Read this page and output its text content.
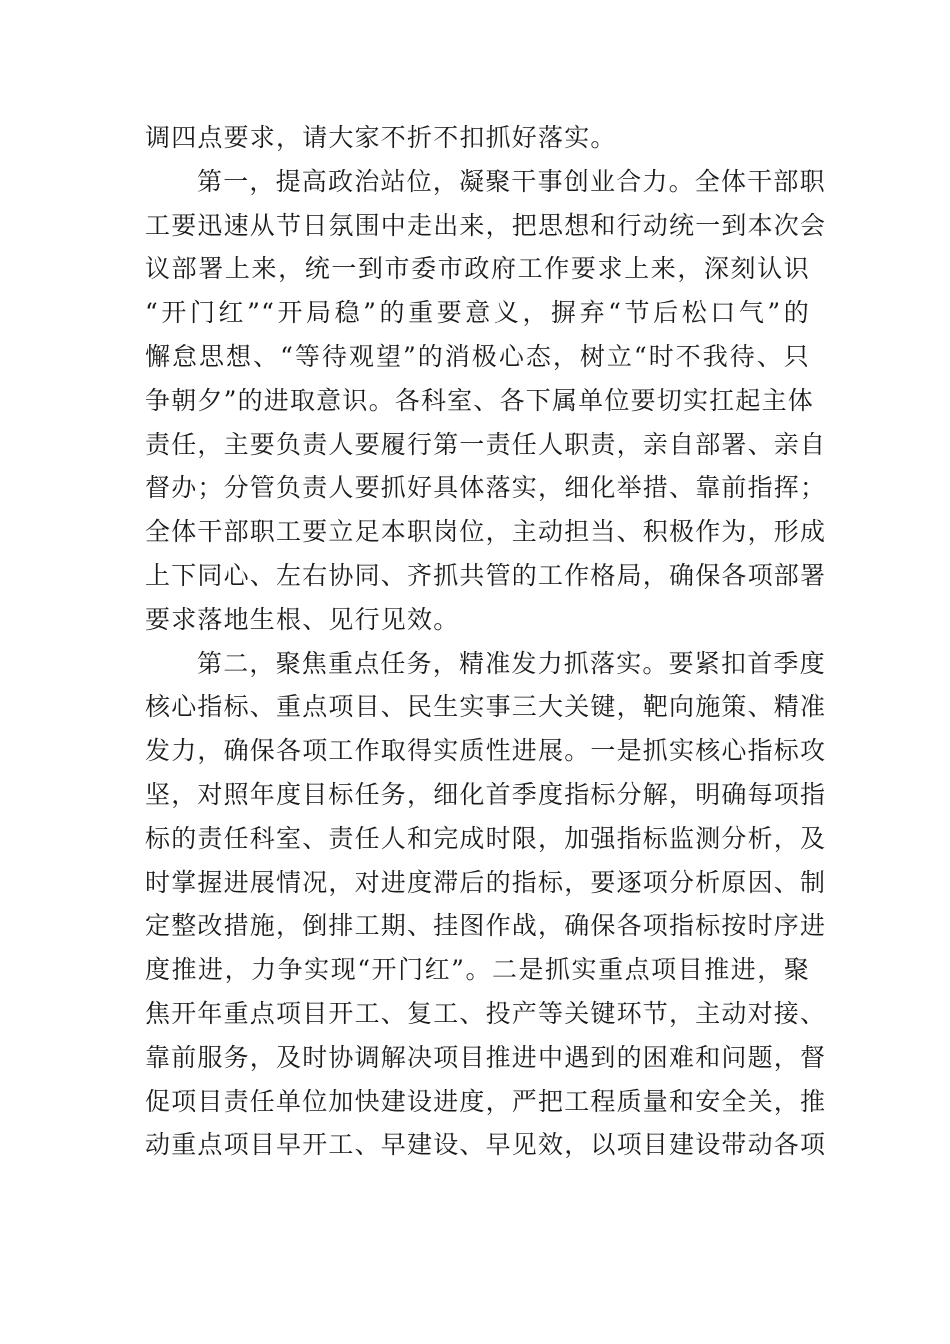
调四点要求，请大家不折不扣抓好落实。
第一，提高政治站位，凝聚干事创业合力。全体干部职
工要迅速从节日氛围中走出来，把思想和行动统一到本次会
议部署上来，统一到市委市政府工作要求上来，深刻认识
“开门红”“开局稳”的重要意义，摒弃“节后松口气”的
懈怠思想、“等待观望”的消极心态，树立“时不我待、只
争朝夕”的进取意识。各科室、各下属单位要切实扛起主体
责任，主要负责人要履行第一责任人职责，亲自部署、亲自
督办；分管负责人要抓好具体落实，细化举措、靠前指挥；
全体干部职工要立足本职岗位，主动担当、积极作为，形成
上下同心、左右协同、齐抓共管的工作格局，确保各项部署
要求落地生根、见行见效。
第二，聚焦重点任务，精准发力抓落实。要紧扣首季度
核心指标、重点项目、民生实事三大关键，靶向施策、精准
发力，确保各项工作取得实质性进展。一是抓实核心指标攻
坚，对照年度目标任务，细化首季度指标分解，明确每项指
标的责任科室、责任人和完成时限，加强指标监测分析，及
时掌握进展情况，对进度滞后的指标，要逐项分析原因、制
定整改措施，倒排工期、挂图作战，确保各项指标按时序进
度推进，力争实现“开门红”。二是抓实重点项目推进，聚
焦开年重点项目开工、复工、投产等关键环节，主动对接、
靠前服务，及时协调解决项目推进中遇到的困难和问题，督
促项目责任单位加快建设进度，严把工程质量和安全关，推
动重点项目早开工、早建设、早见效，以项目建设带动各项
